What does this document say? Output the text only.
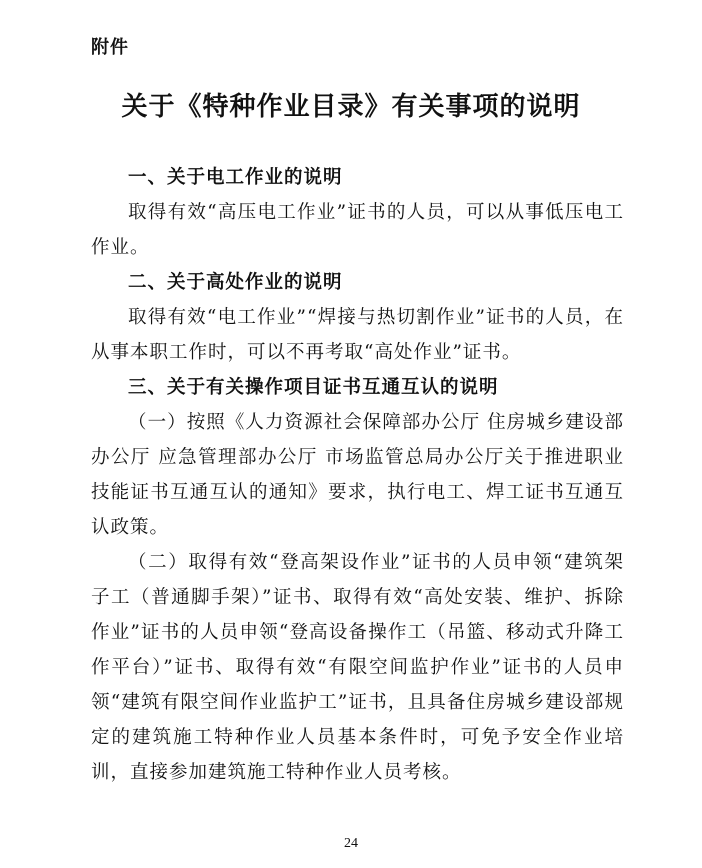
附件
关于《特种作业目录》有关事项的说明
一、关于电工作业的说明

取得有效“高压电工作业”证书的人员，可以从事低压电工作业。

二、关于高处作业的说明

取得有效“电工作业”“焊接与热切割作业”证书的人员，在从事本职工作时，可以不再考取“高处作业”证书。

三、关于有关操作项目证书互通互认的说明

（一）按照《人力资源社会保障部办公厅 住房城乡建设部办公厅 应急管理部办公厅 市场监管总局办公厅关于推进职业技能证书互通互认的通知》要求，执行电工、焊工证书互通互认政策。

（二）取得有效“登高架设作业”证书的人员申领“建筑架子工（普通脚手架）”证书、取得有效“高处安装、维护、拆除作业”证书的人员申领“登高设备操作工（吊篮、移动式升降工作平台）”证书、取得有效“有限空间监护作业”证书的人员申领“建筑有限空间作业监护工”证书，且具备住房城乡建设部规定的建筑施工特种作业人员基本条件时，可免予安全作业培训，直接参加建筑施工特种作业人员考核。

24
